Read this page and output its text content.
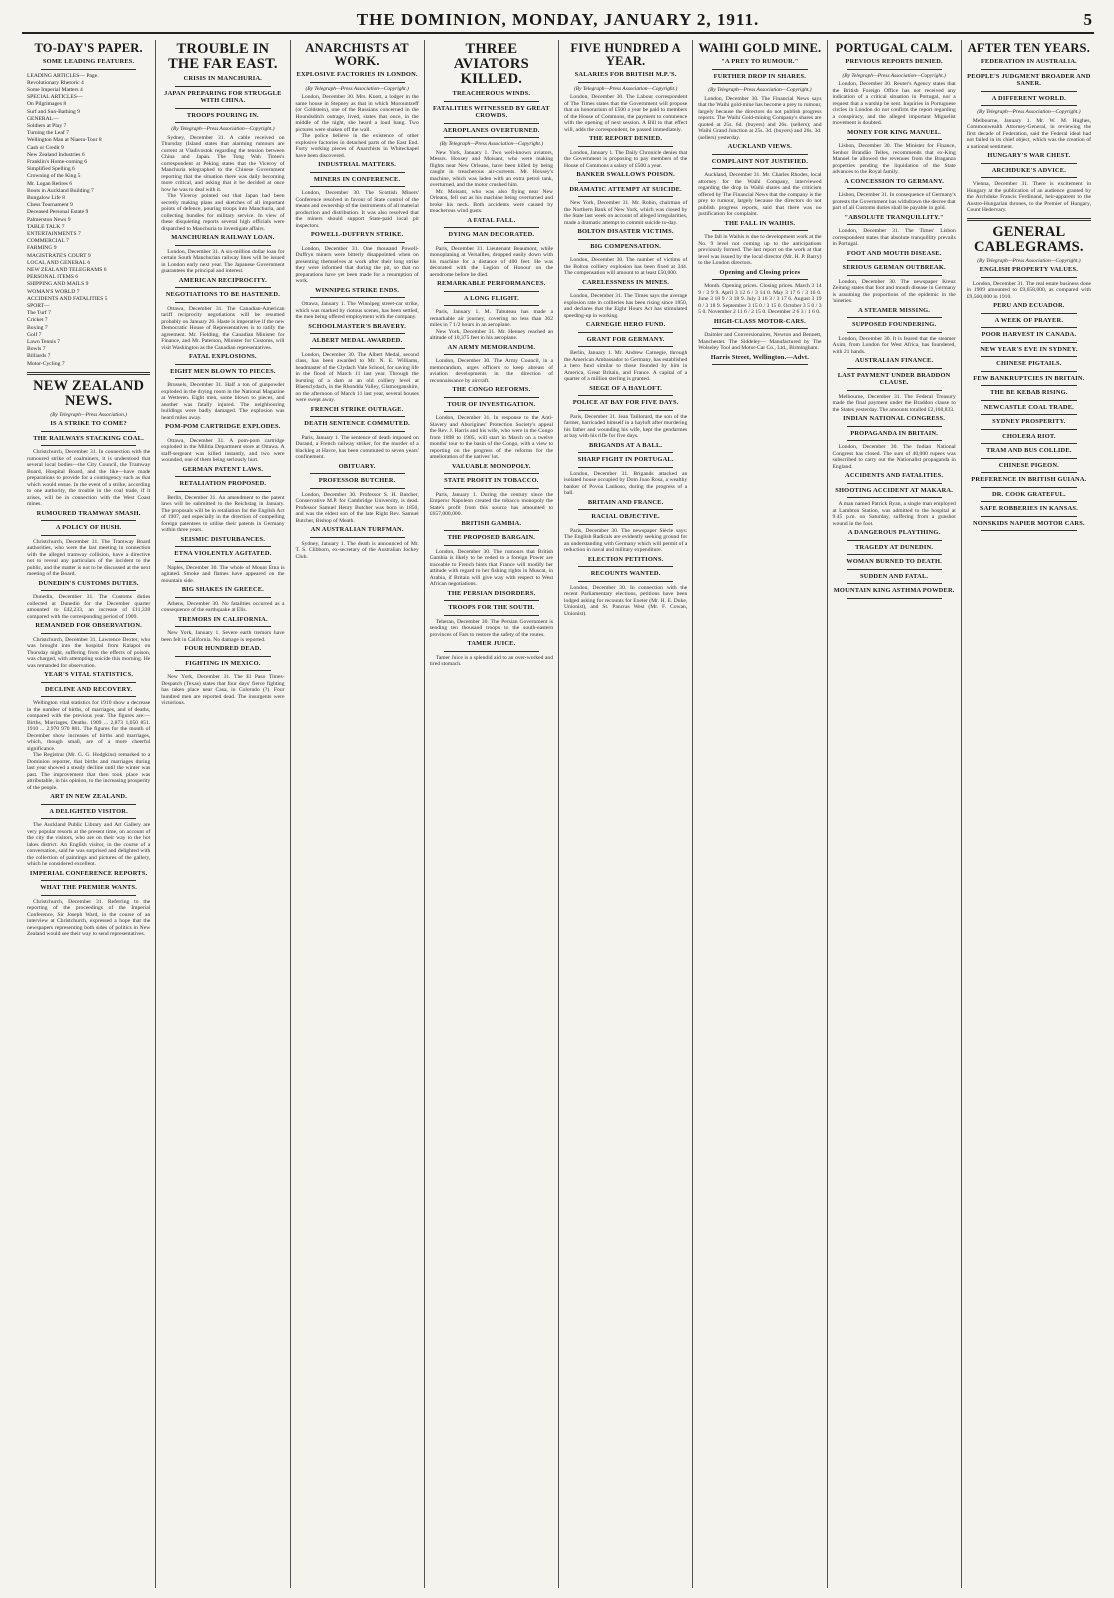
THE DOMINION, MONDAY, JANUARY 2, 1911.	5
TO-DAY'S PAPER.
SOME LEADING FEATURES.
LEADING ARTICLES— Page.
Revolutionary Rhetoric 4
Some Imperial Matters 4
SPECIAL ARTICLES—
On Pilgrimages 8
Surf and Sun-Bathing 9
GENERAL—
Soldiers at Play 7
Turning the Leaf 7
Wellington Man at Niaera-Tour 8
Cash or Credit 9
New Zealand Industries 6
Franklin's Home-coming 6
Simplified Spelling 6
Crowning of the King 5
Mr. Logan Retires 6
Boots in Auckland Building 7
Bungalow Life 8
Chess Tournament 9
Deceased Personal Estate 9
Palmerston News 9
TABLE TALK 7
ENTERTAINMENTS 7
COMMERCIAL 7
FARMING 9
MAGISTRATE'S COURT 9
LOCAL AND GENERAL 6
NEW ZEALAND TELEGRAMS 6
PERSONAL ITEMS 6
SHIPPING AND MAILS 9
WOMAN'S WORLD 7
ACCIDENTS AND FATALITIES 5
SPORT—
The Turf 7
Cricket 7
Boxing 7
Golf 7
Lawn Tennis 7
Bowls 7
Billiards 7
Motor-Cycling 7
NEW ZEALAND NEWS.
(By Telegraph—Press Association.)
IS A STRIKE TO COME?
THE RAILWAYS STACKING COAL.
Christchurch, December 31. In connection with the rumoured strike of coalminers, it is understood that several local bodies—the City Council, the Tramway Board, Hospital Board, and the like—have made preparations to provide for a contingency such as that which would ensue. In the event of a strike, according to one authority, the trouble in the coal trade, if it arises, will be in connection with the West Coast mines.
RUMOURED TRAMWAY SMASH.
A POLICY OF HUSH.
Christchurch, December 31. The Tramway Board authorities, who were the last meeting in connection with the alleged tramway collision, have a directive not to reveal any particulars of the incident to the public, and the matter is not to be discussed at the next meeting of the Board.
DUNEDIN'S CUSTOMS DUTIES.
Dunedin, December 31. The Customs duties collected at Dunedin for the December quarter amounted to £42,233, an increase of £11,330 compared with the corresponding period of 1909.
REMANDED FOR OBSERVATION.
Christchurch, December 31. Lawrence Dexter, who was brought into the hospital from Kaiapoi on Thursday night, suffering from the effects of poison, was charged, with attempting suicide this morning. He was remanded for observation.
YEAR'S VITAL STATISTICS.
DECLINE AND RECOVERY.
Wellington vital statistics for 1910 show a decrease in the number of births, of marriages, and of deaths, compared with the previous year. The figures are:— Births, Marriages, Deaths. 1909 ... 2,873 1,050 851. 1910 ... 2,970 970 881. The figures for the month of December show increases of births and marriages, which, though small, are of a more cheerful significance.
The Registrar (Mr. G. G. Hodgkins) remarked to a Dominion reporter, that births and marriages during last year showed a steady decline until the winter was past. The improvement that then took place was attributable, in his opinion, to the increasing prosperity of the people.
ART IN NEW ZEALAND.
A DELIGHTED VISITOR.
The Auckland Public Library and Art Gallery are very popular resorts at the present time, on account of the city the visitors, who are on their way to the hot lakes district. An English visitor, in the course of a conversation, said he was surprised and delighted with the collection of paintings and pictures of the gallery, which he considered excellent.
IMPERIAL CONFERENCE REPORTS.
WHAT THE PREMIER WANTS.
Christchurch, December 31. Referring to the reporting of the proceedings of the Imperial Conference, Sir Joseph Ward, in the course of an interview at Christchurch, expressed a hope that the newspapers representing both sides of politics in New Zealand would see their way to send representatives.
TROUBLE IN THE FAR EAST.
CRISIS IN MANCHURIA.
JAPAN PREPARING FOR STRUGGLE WITH CHINA.
TROOPS POURING IN.
(By Telegraph—Press Association—Copyright.)
Sydney, December 31. A cable received on Thursday (Island states that alarming rumours are current at Vladivostok regarding the tension between China and Japan. The Tong Wah Times's correspondent at Peking states that the Viceroy of Manchuria telegraphed to the Chinese Government reporting that the situation there was daily becoming more critical, and asking that it be decided at once how he was to deal with it.
The Viceroy pointed out that Japan had been secretly making plans and sketches of all important points of defence, pouring troops into Manchuria, and collecting bundles for military service. In view of these disquieting reports several high officials were dispatched to Manchuria to investigate affairs.
MANCHURIAN RAILWAY LOAN.
London, December 31. A six-million dollar loan for certain South Manchurian railway lines will be issued in London early next year. The Japanese Government guarantees the principal and interest.
AMERICAN RECIPROCITY.
NEGOTIATIONS TO BE HASTENED.
Ottawa, December 31. The Canadian-American tariff reciprocity negotiations will be resumed probably on January 26. Haste is imperative if the new Democratic House of Representatives is to ratify the agreement. Mr. Fielding, the Canadian Minister for Finance, and Mr. Paterson, Minister for Customs, will visit Washington as the Canadian representatives.
FATAL EXPLOSIONS.
EIGHT MEN BLOWN TO PIECES.
Brussels, December 31. Half a ton of gunpowder exploded in the drying room in the National Magazine at Wetteren. Eight men, some blown to pieces, and another was fatally injured. The neighbouring buildings were badly damaged. The explosion was heard miles away.
POM-POM CARTRIDGE EXPLODES.
Ottawa, December 31. A pom-pom cartridge exploded in the Militia Department store at Ottawa. A staff-sergeant was killed instantly, and two were wounded, one of them being seriously hurt.
GERMAN PATENT LAWS.
RETALIATION PROPOSED.
Berlin, December 31. An amendment to the patent laws will be submitted to the Reichstag in January. The proposals will be in retaliation for the English Act of 1907, and especially in the direction of compelling foreign patentees to utilise their patents in Germany within three years.
SEISMIC DISTURBANCES.
ETNA VIOLENTLY AGITATED.
Naples, December 30. The whole of Mount Etna is agitated. Smoke and flames have appeared on the mountain side.
BIG SHAKES IN GREECE.
Athens, December 30. No fatalities occurred as a consequence of the earthquake at Elis.
TREMORS IN CALIFORNIA.
New York, January 1. Severe earth tremors have been felt in California. No damage is reported.
FOUR HUNDRED DEAD.
FIGHTING IN MEXICO.
New York, December 31. The El Paso Times-Despatch (Texas) states that four days' fierce fighting has taken place near Casa, in Colorado (?). Four hundred men are reported dead. The insurgents were victorious.
ANARCHISTS AT WORK.
EXPLOSIVE FACTORIES IN LONDON.
(By Telegraph—Press Association—Copyright.)
London, December 30. Mrs. Knott, a lodger in the same house in Stepney as that in which Morountzeff (or Goldstein), one of the Russians concerned in the Houndsditch outrage, lived, states that once, in the middle of the night, she heard a loud bang. Two pictures were shaken off the wall.
The police believe in the existence of other explosive factories in detached parts of the East End. Forty working pieces of Anarchists in Whitechapel have been discovered.
INDUSTRIAL MATTERS.
MINERS IN CONFERENCE.
London, December 30. The Scottish Miners' Conference resolved in favour of State control of the means and ownership of the instruments of all material production and distribution. It was also resolved that the miners should support State-paid local pit inspectors.
POWELL-DUFFRYN STRIKE.
London, December 31. One thousand Powell-Duffryn miners were bitterly disappointed when on presenting themselves at work after their long strike they were informed that during the pit, so that no preparations have yet been made for a resumption of work.
WINNIPEG STRIKE ENDS.
Ottawa, January 1. The Winnipeg street-car strike, which was marked by riotous scenes, has been settled, the men being offered employment with the company.
SCHOOLMASTER'S BRAVERY.
ALBERT MEDAL AWARDED.
London, December 30. The Albert Medal, second class, has been awarded to Mr. N. E. Williams, headmaster of the Clydach Vale School, for saving life in the flood of March 11 last year. Through the bursting of a dam at an old colliery level at Blaenclydach, in the Rhondda Valley, Glamorganshire, on the afternoon of March 11 last year, several houses were swept away.
FRENCH STRIKE OUTRAGE.
DEATH SENTENCE COMMUTED.
Paris, January 1. The sentence of death imposed on Durand, a French railway striker, for the murder of a blackleg at Havre, has been commuted to seven years' confinement.
OBITUARY.
PROFESSOR BUTCHER.
London, December 30. Professor S. H. Butcher, Conservative M.P. for Cambridge University, is dead. Professor Samuel Henry Butcher was born in 1850, and was the eldest son of the late Right Rev. Samuel Butcher, Bishop of Meath.
AN AUSTRALIAN TURFMAN.
Sydney, January 1. The death is announced of Mr. T. S. Clibborn, ex-secretary of the Australian Jockey Club.
THREE AVIATORS KILLED.
TREACHEROUS WINDS.
FATALITIES WITNESSED BY GREAT CROWDS.
AEROPLANES OVERTURNED.
(By Telegraph—Press Association—Copyright.)
New York, January 1. Two well-known aviators, Messrs. Hoxsey and Moisant, who were making flights near New Orleans, have been killed by being caught in treacherous air-currents. Mr. Hoxsey's machine, which was laden with an extra petrol tank, overturned, and the motor crushed him.
Mr. Moisant, who was also flying near New Orleans, fell out as his machine being overturned and broke his neck. Both accidents were caused by treacherous wind gusts.
A FATAL FALL.
DYING MAN DECORATED.
Paris, December 31. Lieutenant Beaumont, while monoplaning at Versailles, dropped easily down with his machine for a distance of 400 feet. He was decorated with the Legion of Honour on the aerodrome before he died.
REMARKABLE PERFORMANCES.
A LONG FLIGHT.
Paris, January 1. M. Tabuteau has made a remarkable air journey, covering no less than 362 miles in 7 1/2 hours in an aeroplane.
New York, December 31. Mr. Henney reached an altitude of 10,375 feet in his aeroplane.
AN ARMY MEMORANDUM.
London, December 30. The Army Council, in a memorandum, urges officers to keep abreast of aviation developments in the direction of reconnaissance by aircraft.
THE CONGO REFORMS.
TOUR OF INVESTIGATION.
London, December 31. In response to the Anti-Slavery and Aborigines' Protection Society's appeal the Rev. J. Harris and his wife, who were in the Congo from 1898 to 1905, will start in March on a twelve months' tour to the basin of the Congo, with a view to reporting on the progress of the reforms for the amelioration of the natives' lot.
VALUABLE MONOPOLY.
STATE PROFIT IN TOBACCO.
Paris, January 1. During the century since the Emperor Napoleon created the tobacco monopoly the State's profit from this source has amounted to £657,000,000.
BRITISH GAMBIA.
THE PROPOSED BARGAIN.
London, December 30. The rumours that British Gambia is likely to be ceded to a foreign Power are traceable to French hints that France will modify her attitude with regard to her fishing rights in Muscat, in Arabia, if Britain will give way with respect to West African negotiations.
THE PERSIAN DISORDERS.
TROOPS FOR THE SOUTH.
Teheran, December 30. The Persian Government is sending ten thousand troops to the south-eastern provinces of Fars to restore the safety of the routes.
TAMER JUICE.
Tamer Juice is a splendid aid to an over-worked and tired stomach.
FIVE HUNDRED A YEAR.
SALARIES FOR BRITISH M.P.'S.
(By Telegraph—Press Association—Copyright.)
London, December 30. The Labour correspondent of The Times states that the Government will propose that an honorarium of £500 a year be paid to members of the House of Commons, the payment to commence with the opening of next session. A Bill to that effect will, adds the correspondent, be passed immediately.
THE REPORT DENIED.
London, January 1. The Daily Chronicle denies that the Government is proposing to pay members of the House of Commons a salary of £500 a year.
BANKER SWALLOWS POISON.
DRAMATIC ATTEMPT AT SUICIDE.
New York, December 31. Mr. Robin, chairman of the Northern Bank of New York, which was closed by the State last week on account of alleged irregularities, made a dramatic attempt to commit suicide to-day.
BOLTON DISASTER VICTIMS.
BIG COMPENSATION.
London, December 30. The number of victims of the Bolton colliery explosion has been fixed at 344. The compensation will amount to at least £50,000.
CARELESSNESS IN MINES.
London, December 31. The Times says the average explosion rate in collieries has been rising since 1850, and declares that the Eight Hours Act has stimulated speeding-up in working.
CARNEGIE HERO FUND.
GRANT FOR GERMANY.
Berlin, January 1. Mr. Andrew Carnegie, through the American Ambassador to Germany, has established a hero fund similar to those founded by him in America, Great Britain, and France. A capital of a quarter of a million sterling is granted.
SIEGE OF A HAYLOFT.
POLICE AT BAY FOR FIVE DAYS.
Paris, December 31. Jean Taillorard, the son of the farmer, barricaded himself in a hayloft after murdering his father and wounding his wife, kept the gendarmes at bay with his rifle for five days.
BRIGANDS AT A BALL.
SHARP FIGHT IN PORTUGAL.
London, December 31. Brigands attacked an isolated house occupied by Dom Joao Rosa, a wealthy banker of Povoa Lanhoso, during the progress of a ball.
BRITAIN AND FRANCE.
RACIAL OBJECTIVE.
Paris, December 30. The newspaper Siècle says: The English Radicals are evidently seeking ground for an understanding with Germany which will permit of a reduction in naval and military expenditure.
ELECTION PETITIONS.
RECOUNTS WANTED.
London, December 30. In connection with the recent Parliamentary elections, petitions have been lodged asking for recounts for Exeter (Mr. H. E. Duke, Unionist), and St. Pancras West (Mr. F. Cowan, Unionist).
WAIHI GOLD MINE.
"A PREY TO RUMOUR."
FURTHER DROP IN SHARES.
(By Telegraph—Press Association—Copyright.)
London, December 30. The Financial News says that the Waihi gold-mine has become a prey to rumour, largely because the directors do not publish progress reports. The Waihi Gold-mining Company's shares are quoted at 25s. 6d. (buyers) and 26s. (sellers); and Waihi Grand Junction at 25s. 3d. (buyers) and 26s. 3d. (sellers) yesterday.
AUCKLAND VIEWS.
COMPLAINT NOT JUSTIFIED.
Auckland, December 31. Mr. Charles Rhodes, local attorney for the Waihi Company, interviewed regarding the drop in Waihi shares and the criticism offered by The Financial News that the company is the prey to rumour, largely because the directors do not publish progress reports, said that there was no justification for complaint.
THE FALL IN WAIHIS.
The fall in Waihis is due to development work at the No. 9 level not coming up to the anticipations previously formed. The last report on the work at that level was issued by the local director (Mr. H. P. Barry) to the London directors.
Opening and Closing prices
Month. Opening prices. Closing prices. March 3 14 9 / 3 9 9. April 3 12 6 / 3 14 0. May 3 17 6 / 3 16 0. June 3 18 9 / 3 18 9. July 3 16 3 / 3 17 6. August 3 19 0 / 3 18 9. September 3 15 0 / 3 15 0. October 3 5 0 / 3 5 0. November 2 11 6 / 2 15 0. December 2 6 3 / 1 6 0.
HIGH-CLASS MOTOR-CARS.
Daimler and Conversionaires, Newton and Bennett, Manchester. The Siddeley— Manufactured by The Wolseley Tool and Motor-Car Co., Ltd., Birmingham.
Harris Street, Wellington.—Advt.
PORTUGAL CALM.
PREVIOUS REPORTS DENIED.
(By Telegraph—Press Association—Copyright.)
London, December 30. Reuter's Agency states that the British Foreign Office has not received any indication of a critical situation in Portugal, nor a request that a warship be sent. Inquiries in Portuguese circles in London do not confirm the report regarding a conspiracy, and the alleged important Miguelist movement is doubted.
MONEY FOR KING MANUEL.
Lisbon, December 30. The Minister for Finance, Senhor Brandão Telles, recommends that ex-King Manuel be allowed the revenues from the Braganza properties pending the liquidation of the State advances to the Royal family.
A CONCESSION TO GERMANY.
Lisbon, December 31. In consequence of Germany's protests the Government has withdrawn the decree that part of all Customs duties shall be payable in gold.
"ABSOLUTE TRANQUILLITY."
London, December 31. The Times' Lisbon correspondent states that absolute tranquillity prevails in Portugal.
FOOT AND MOUTH DISEASE.
SERIOUS GERMAN OUTBREAK.
London, December 30. The newspaper Kreuz Zeitung states that foot and mouth disease in Germany is assuming the proportions of the epidemic in the 'nineties.
A STEAMER MISSING.
SUPPOSED FOUNDERING.
London, December 30. It is feared that the steamer Axim, from London for West Africa, has foundered, with 21 hands.
AUSTRALIAN FINANCE.
LAST PAYMENT UNDER BRADDON CLAUSE.
Melbourne, December 31. The Federal Treasury made the final payment under the Braddon clause to the States yesterday. The amounts totalled £2,160,833.
INDIAN NATIONAL CONGRESS.
PROPAGANDA IN BRITAIN.
London, December 30. The Indian National Congress has closed. The sum of 40,000 rupees was subscribed to carry out the Nationalist propaganda in England.
ACCIDENTS AND FATALITIES.
SHOOTING ACCIDENT AT MAKARA.
A man named Patrick Ryan, a single man employed at Lambton Station, was admitted to the hospital at 9.45 p.m. on Saturday, suffering from a gunshot wound in the foot.
A DANGEROUS PLAYTHING.
TRAGEDY AT DUNEDIN.
WOMAN BURNED TO DEATH.
SUDDEN AND FATAL.
MOUNTAIN KING ASTHMA POWDER.
AFTER TEN YEARS.
FEDERATION IN AUSTRALIA.
PEOPLE'S JUDGMENT BROADER AND SANER.
A DIFFERENT WORLD.
(By Telegraph—Press Association—Copyright.)
Melbourne, January 1. Mr. W. M. Hughes, Commonwealth Attorney-General, in reviewing the first decade of Federation, said the Federal ideal had not failed in its chief object, which was the creation of a national sentiment.
HUNGARY'S WAR CHEST.
ARCHDUKE'S ADVICE.
Vienna, December 31. There is excitement in Hungary at the publication of an audience granted by the Archduke Francis Ferdinand, heir-apparent to the Austro-Hungarian thrones, to the Premier of Hungary, Count Hedervary.
GENERAL CABLEGRAMS.
(By Telegraph—Press Association—Copyright.)
ENGLISH PROPERTY VALUES.
London, December 31. The real estate business done in 1909 amounted to £9,658,000, as compared with £9,560,000 in 1910.
PERU AND ECUADOR.
A WEEK OF PRAYER.
POOR HARVEST IN CANADA.
NEW YEAR'S EVE IN SYDNEY.
CHINESE PIGTAILS.
FEW BANKRUPTCIES IN BRITAIN.
THE BE KEBAB RISING.
NEWCASTLE COAL TRADE.
SYDNEY PROSPERITY.
CHOLERA RIOT.
TRAM AND BUS COLLIDE.
CHINESE PIGEON.
PREFERENCE IN BRITISH GUIANA.
DR. COOK GRATEFUL.
SAFE ROBBERIES IN KANSAS.
NONSKIDS NAPIER MOTOR CARS.
